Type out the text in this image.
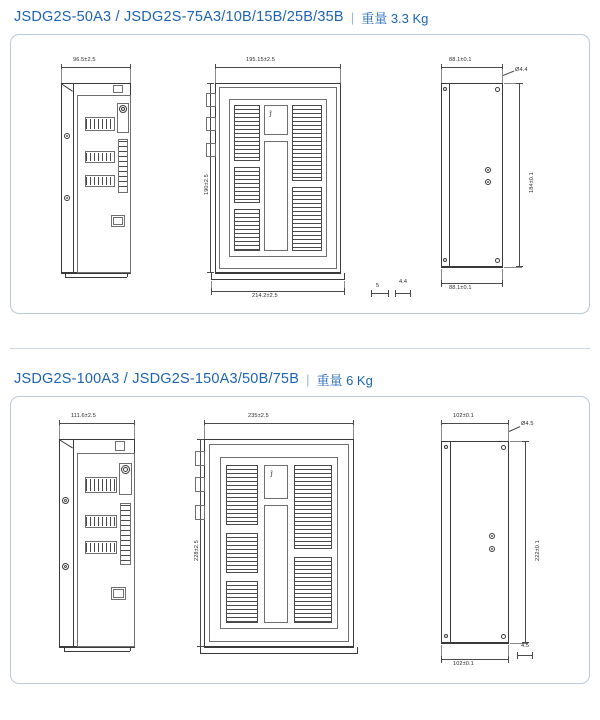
JSDG2S‑50A3 / JSDG2S‑75A3/10B/15B/25B/35B | 重量 3.3 Kg
96.5±2.5	195.15±2.5
190±2.5
Ĵ
214.2±2.5
88.1±0.1
Ø4.4
184±0.1
88.1±0.1
5
4.4
JSDG2S‑100A3 / JSDG2S‑150A3/50B/75B | 重量 6 Kg
111.6±2.5	235±2.5
228±2.5
Ĵ
102±0.1
Ø4.5
222±0.1
102±0.1
4.5
